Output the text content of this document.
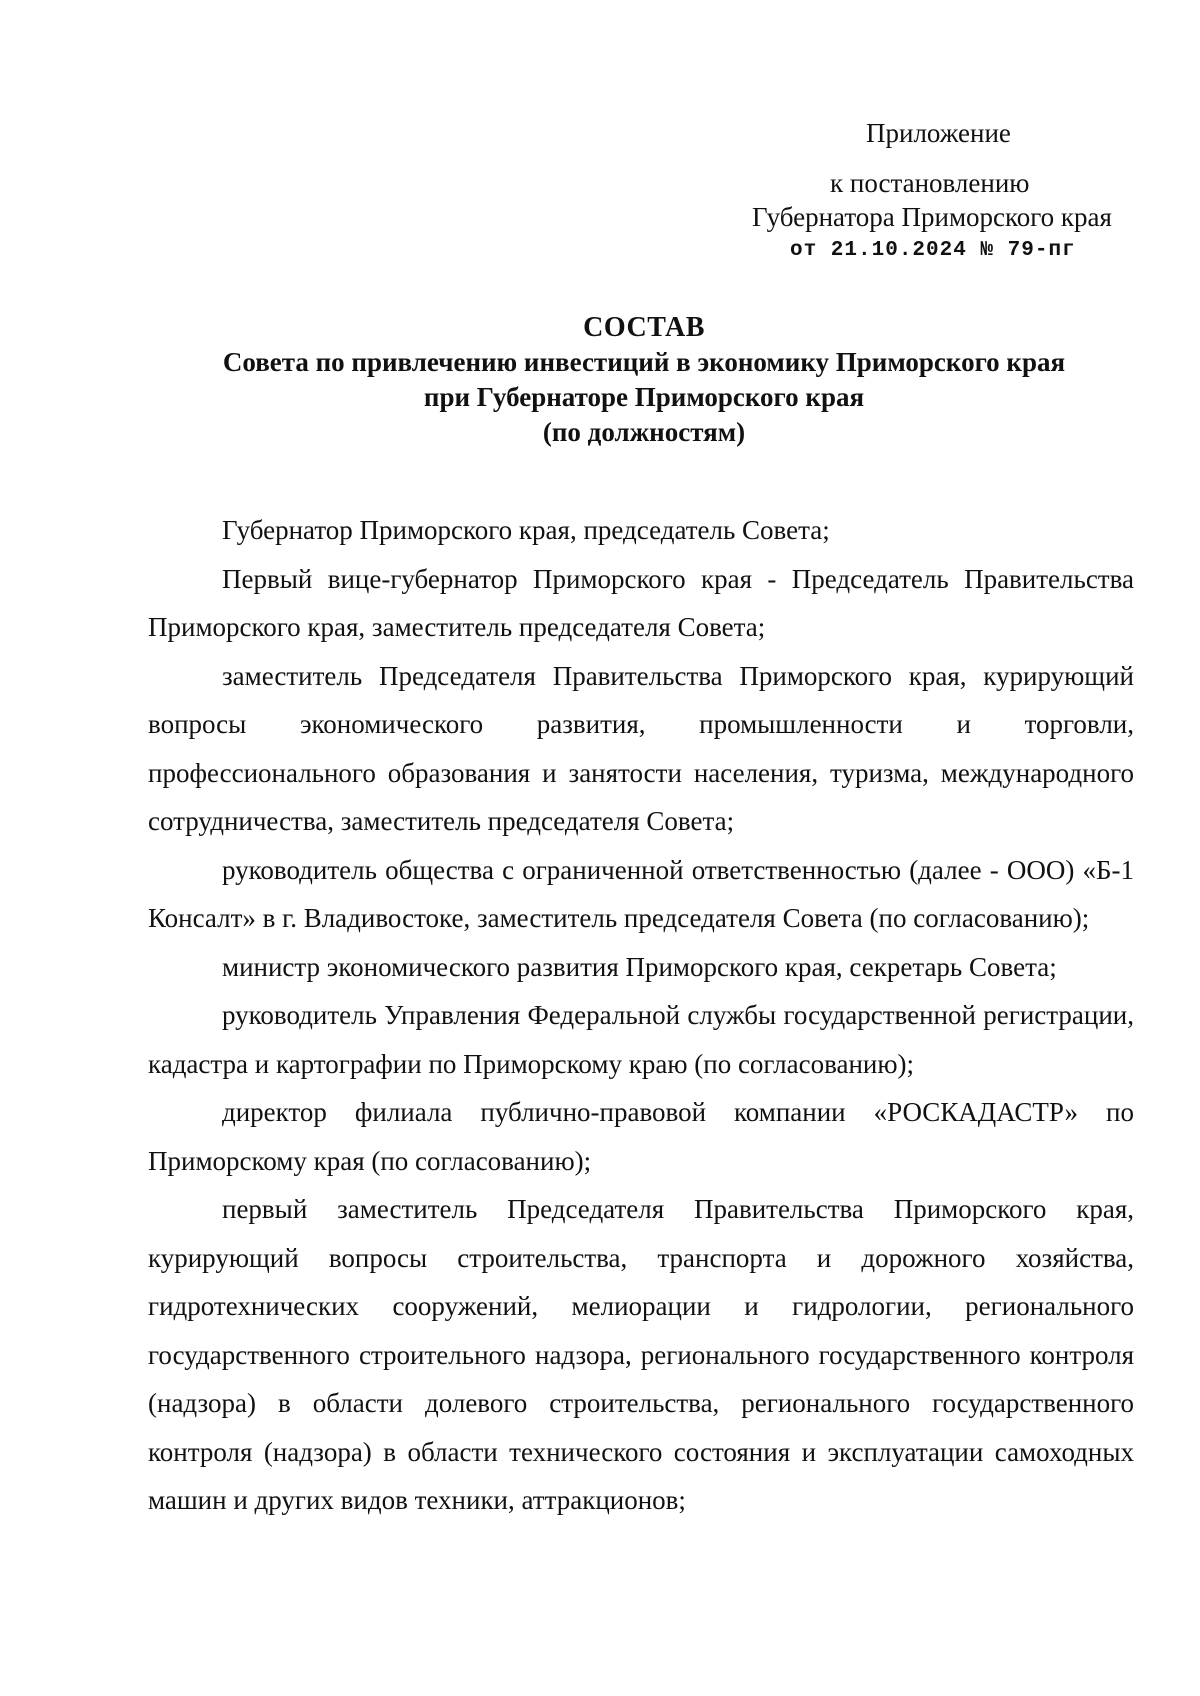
Приложение
к постановлению
Губернатора Приморского края
от 21.10.2024 № 79-пг
СОСТАВ
Совета по привлечению инвестиций в экономику Приморского края
при Губернаторе Приморского края
(по должностям)

Губернатор Приморского края, председатель Совета;

Первый вице-губернатор Приморского края - Председатель Правительства Приморского края, заместитель председателя Совета;

заместитель Председателя Правительства Приморского края, курирующий вопросы экономического развития, промышленности и торговли, профессионального образования и занятости населения, туризма, международного сотрудничества, заместитель председателя Совета;

руководитель общества с ограниченной ответственностью (далее - ООО) «Б-1 Консалт» в г. Владивостоке, заместитель председателя Совета (по согласованию);

министр экономического развития Приморского края, секретарь Совета;

руководитель Управления Федеральной службы государственной регистрации, кадастра и картографии по Приморскому краю (по согласованию);

директор филиала публично-правовой компании «РОСКАДАСТР» по Приморскому края (по согласованию);

первый заместитель Председателя Правительства Приморского края, курирующий вопросы строительства, транспорта и дорожного хозяйства, гидротехнических сооружений, мелиорации и гидрологии, регионального государственного строительного надзора, регионального государственного контроля (надзора) в области долевого строительства, регионального государственного контроля (надзора) в области технического состояния и эксплуатации самоходных машин и других видов техники, аттракционов;
